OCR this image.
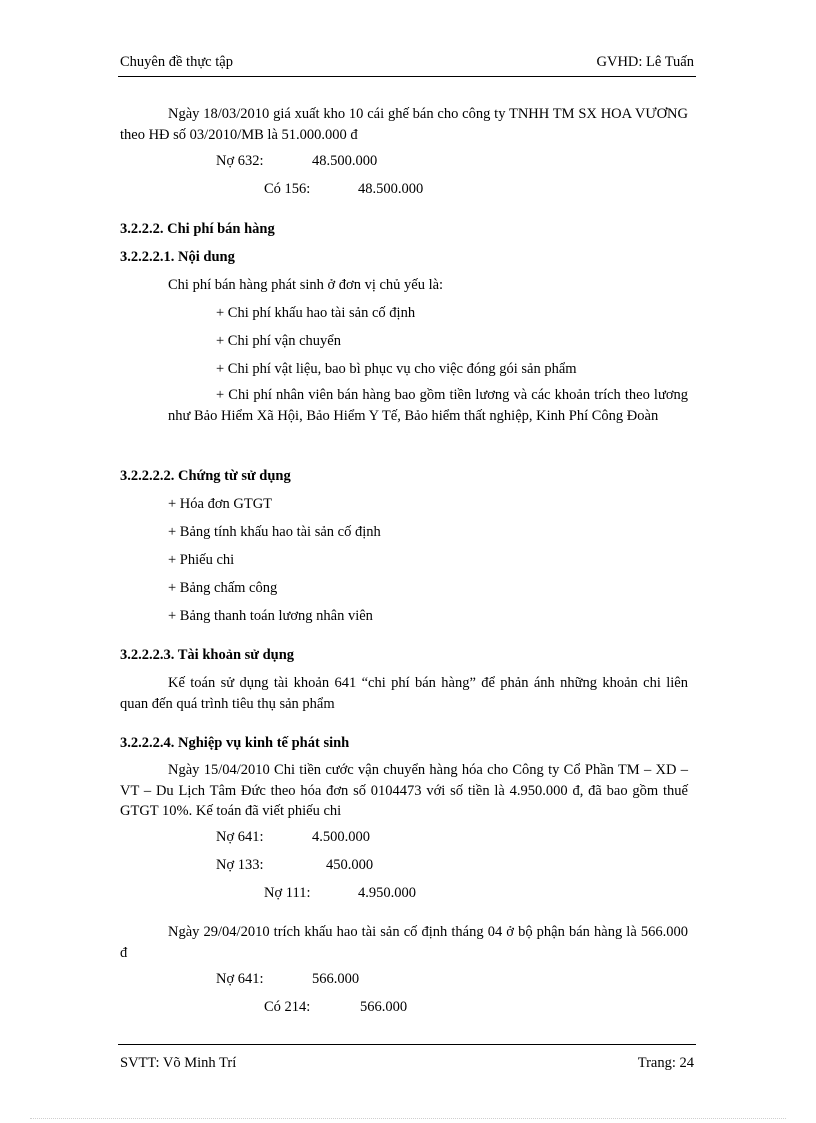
Chuyên đề thực tập	GVHD: Lê Tuấn
Ngày 18/03/2010 giá xuất kho 10 cái ghế bán cho công ty TNHH TM SX HOA VƯƠNG theo HĐ số 03/2010/MB là 51.000.000 đ
Nợ 632:	48.500.000
Có 156:	48.500.000
3.2.2.2. Chi phí bán hàng
3.2.2.2.1. Nội dung
Chi phí bán hàng phát sinh ở đơn vị chủ yếu là:
+ Chi phí khấu hao tài sản cố định
+ Chi phí vận chuyển
+ Chi phí vật liệu, bao bì phục vụ cho việc đóng gói sản phẩm
+ Chi phí nhân viên bán hàng bao gồm tiền lương và các khoản trích theo lương như Bảo Hiểm Xã Hội, Bảo Hiểm Y Tế, Bảo hiểm thất nghiệp, Kinh Phí Công Đoàn
3.2.2.2.2. Chứng từ sử dụng
+ Hóa đơn GTGT
+ Bảng tính khấu hao tài sản cố định
+ Phiếu chi
+ Bảng chấm công
+ Bảng thanh toán lương nhân viên
3.2.2.2.3. Tài khoản sử dụng
Kế toán sử dụng tài khoản 641 “chi phí bán hàng” để phản ánh những khoản chi liên quan đến quá trình tiêu thụ sản phẩm
3.2.2.2.4. Nghiệp vụ kinh tế phát sinh
Ngày 15/04/2010 Chi tiền cước vận chuyển hàng hóa cho Công ty Cổ Phần TM – XD – VT – Du Lịch Tâm Đức theo hóa đơn số 0104473 với số tiền là 4.950.000 đ, đã bao gồm thuế GTGT 10%. Kế toán đã viết phiếu chi
Nợ 641:	4.500.000
Nợ 133:	450.000
Nợ 111:	4.950.000
Ngày 29/04/2010 trích khấu hao tài sản cố định tháng 04 ở bộ phận bán hàng là 566.000 đ
Nợ 641:	566.000
Có 214:	566.000
SVTT: Võ Minh Trí	Trang: 24
